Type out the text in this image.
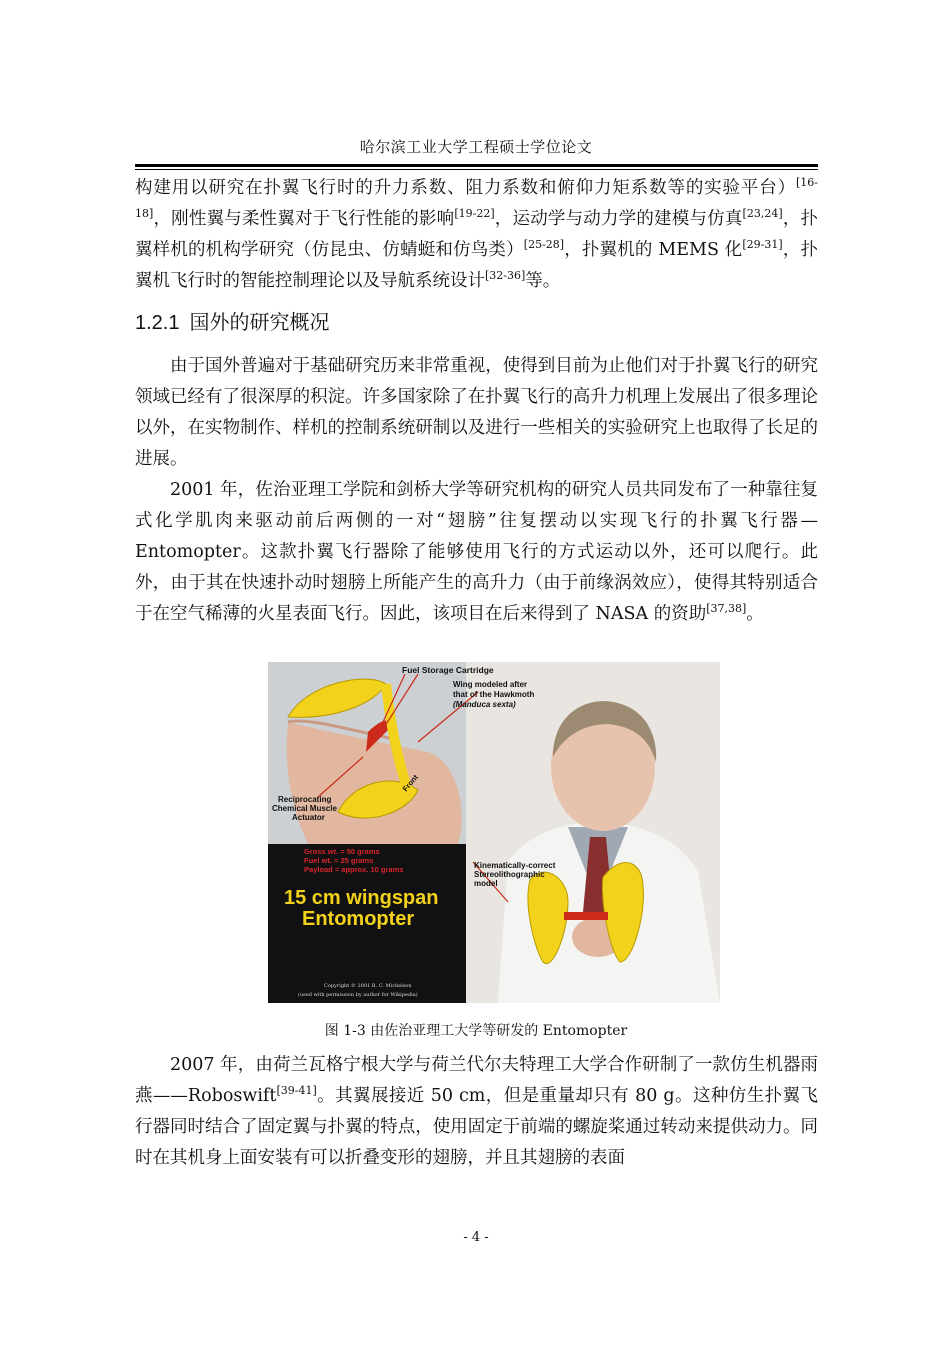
哈尔滨工业大学工程硕士学位论文

构建用以研究在扑翼飞行时的升力系数、阻力系数和俯仰力矩系数等的实验平台）[16-18]，刚性翼与柔性翼对于飞行性能的影响[19-22]，运动学与动力学的建模与仿真[23,24]，扑翼样机的机构学研究（仿昆虫、仿蜻蜓和仿鸟类）[25-28]，扑翼机的 MEMS 化[29-31]，扑翼机飞行时的智能控制理论以及导航系统设计[32-36]等。

1.2.1 国外的研究概况

由于国外普遍对于基础研究历来非常重视，使得到目前为止他们对于扑翼飞行的研究领域已经有了很深厚的积淀。许多国家除了在扑翼飞行的高升力机理上发展出了很多理论以外，在实物制作、样机的控制系统研制以及进行一些相关的实验研究上也取得了长足的进展。

2001 年，佐治亚理工学院和剑桥大学等研究机构的研究人员共同发布了一种靠往复式化学肌肉来驱动前后两侧的一对“翅膀”往复摆动以实现飞行的扑翼飞行器—Entomopter。这款扑翼飞行器除了能够使用飞行的方式运动以外，还可以爬行。此外，由于其在快速扑动时翅膀上所能产生的高升力（由于前缘涡效应），使得其特别适合于在空气稀薄的火星表面飞行。因此，该项目在后来得到了 NASA 的资助[37,38]。

Fuel Storage Cartridge
Wing modeled after
that of the Hawkmoth
(Manduca sexta)
Front
Reciprocating
Chemical Muscle
Actuator
Gross wt. = 50 grams
Fuel wt. = 25 grams
Payload = approx. 10 grams	Kinematically-correct
Stereolithographic
model
15 cm wingspan
Entomopter
Copyright © 2001 R. C. Michelson
(used with permission by author for Wikipedia)
图 1-3 由佐治亚理工大学等研发的 Entomopter

2007 年，由荷兰瓦格宁根大学与荷兰代尔夫特理工大学合作研制了一款仿生机器雨燕——Roboswift[39-41]。其翼展接近 50 cm，但是重量却只有 80 g。这种仿生扑翼飞行器同时结合了固定翼与扑翼的特点，使用固定于前端的螺旋桨通过转动来提供动力。同时在其机身上面安装有可以折叠变形的翅膀，并且其翅膀的表面

- 4 -
